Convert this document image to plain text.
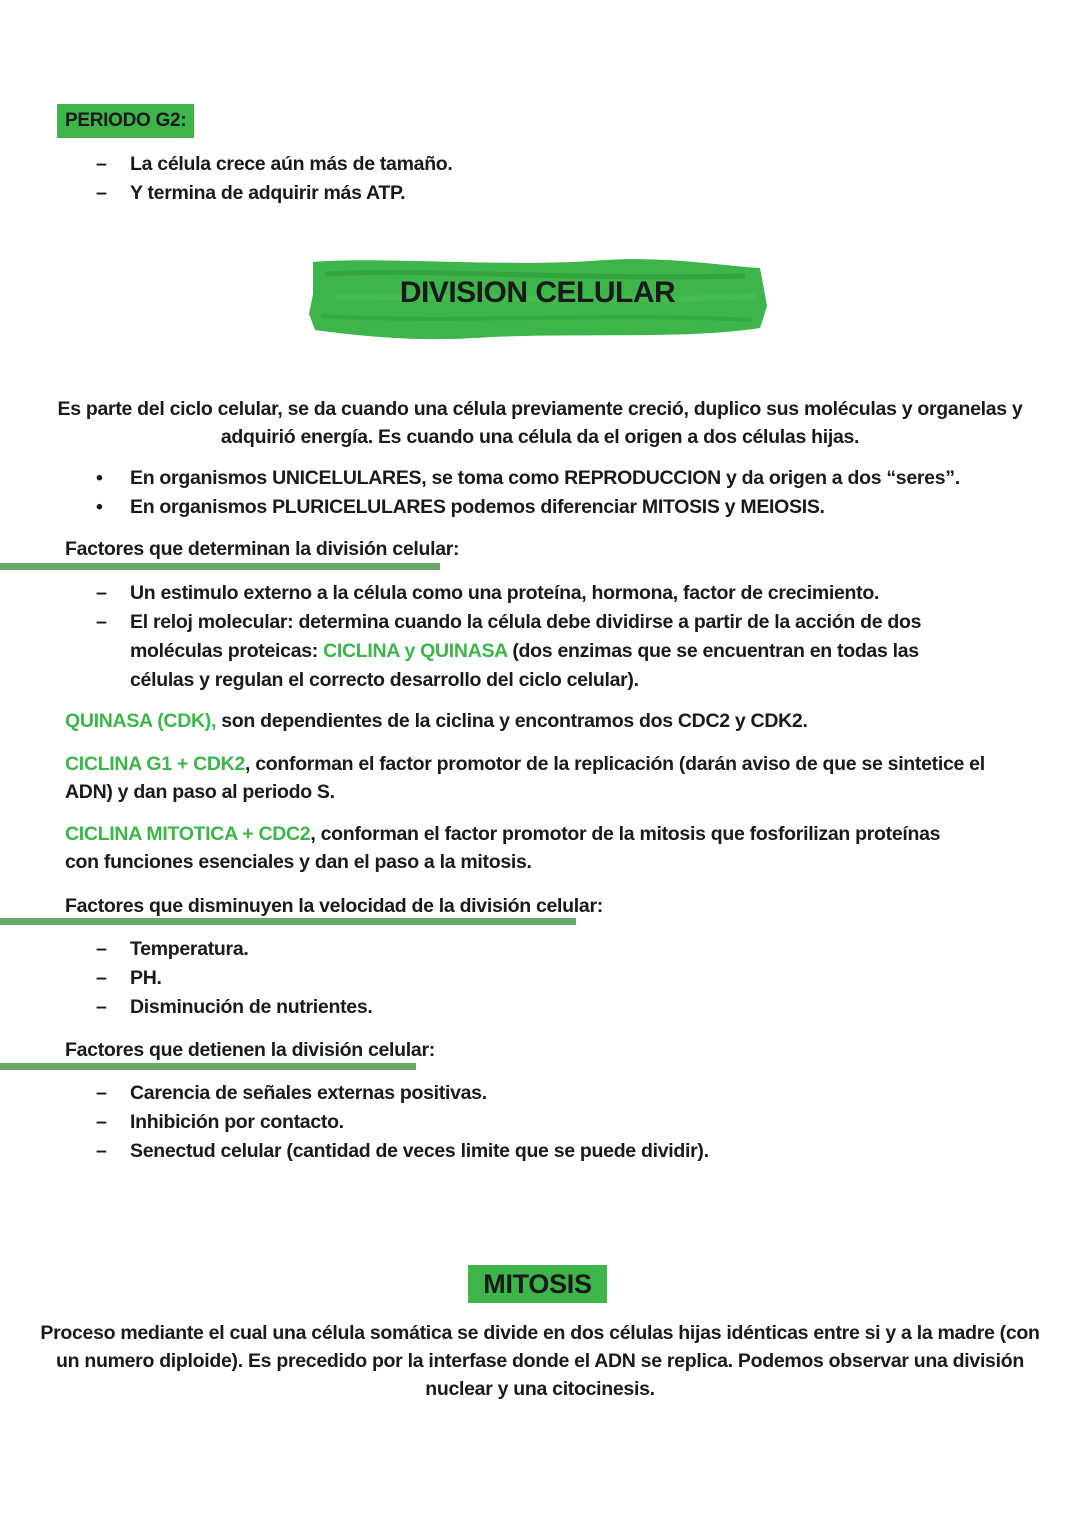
PERIODO G2:
– La célula crece aún más de tamaño.
– Y termina de adquirir más ATP.
DIVISION CELULAR
Es parte del ciclo celular, se da cuando una célula previamente creció, duplico sus moléculas y organelas y
adquirió energía. Es cuando una célula da el origen a dos células hijas.
• En organismos UNICELULARES, se toma como REPRODUCCION y da origen a dos “seres”.
• En organismos PLURICELULARES podemos diferenciar MITOSIS y MEIOSIS.
Factores que determinan la división celular:
– Un estimulo externo a la célula como una proteína, hormona, factor de crecimiento.
– El reloj molecular: determina cuando la célula debe dividirse a partir de la acción de dos moléculas proteicas: CICLINA y QUINASA (dos enzimas que se encuentran en todas las células y regulan el correcto desarrollo del ciclo celular).
QUINASA (CDK), son dependientes de la ciclina y encontramos dos CDC2 y CDK2.
CICLINA G1 + CDK2, conforman el factor promotor de la replicación (darán aviso de que se sintetice el ADN) y dan paso al periodo S.
CICLINA MITOTICA + CDC2, conforman el factor promotor de la mitosis que fosforilizan proteínas con funciones esenciales y dan el paso a la mitosis.
Factores que disminuyen la velocidad de la división celular:
– Temperatura.
– PH.
– Disminución de nutrientes.
Factores que detienen la división celular:
– Carencia de señales externas positivas.
– Inhibición por contacto.
– Senectud celular (cantidad de veces limite que se puede dividir).
MITOSIS
Proceso mediante el cual una célula somática se divide en dos células hijas idénticas entre si y a la madre (con
un numero diploide). Es precedido por la interfase donde el ADN se replica. Podemos observar una división
nuclear y una citocinesis.
